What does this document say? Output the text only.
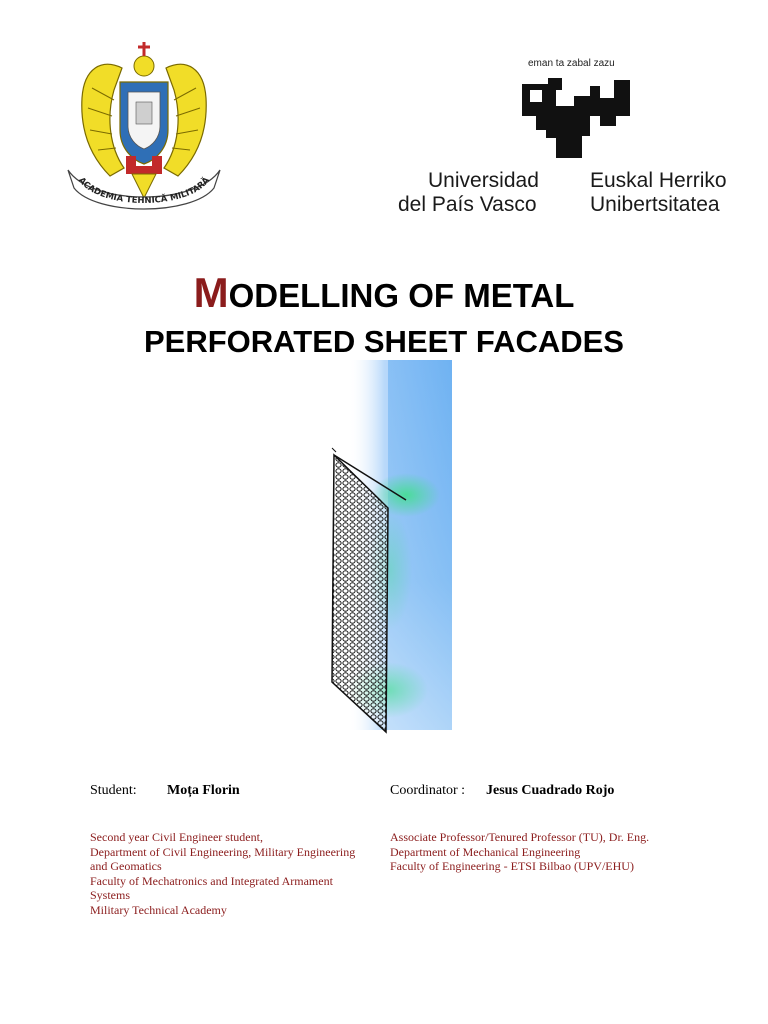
ACADEMIA TEHNICĂ MILITARĂ
eman ta zabal zazu
Universidad
del País Vasco
Euskal Herriko
Unibertsitatea
MODELLING OF METAL
PERFORATED SHEET FACADES
Student: Moța Florin	Coordinator : Jesus Cuadrado Rojo
Second year Civil Engineer student,
Department of Civil Engineering, Military Engineering
and Geomatics
Faculty of Mechatronics and Integrated Armament
Systems
Military Technical Academy
Associate Professor/Tenured Professor (TU), Dr. Eng.
Department of Mechanical Engineering
Faculty of Engineering - ETSI Bilbao (UPV/EHU)
